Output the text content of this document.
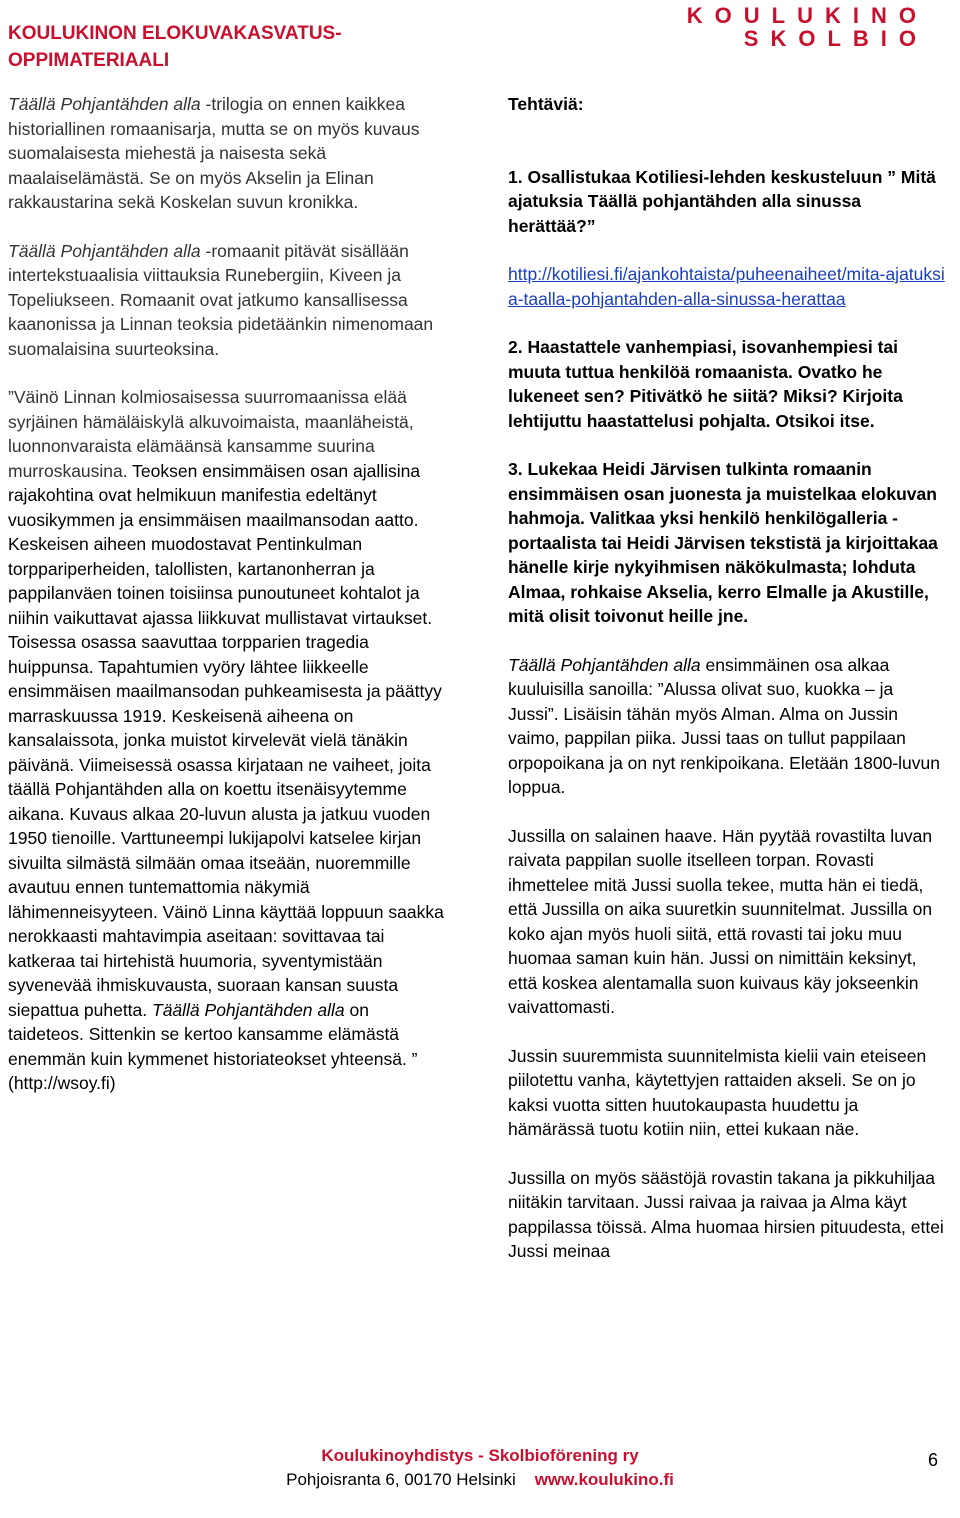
KOULUKINON ELOKUVAKASVATUS-OPPIMATERIAALI
KOULUKINO
SKOLBIO

Täällä Pohjantähden alla -trilogia on ennen kaikkea historiallinen romaanisarja, mutta se on myös kuvaus suomalaisesta miehestä ja naisesta sekä maalaiselämästä. Se on myös Akselin ja Elinan rakkaustarina sekä Koskelan suvun kronikka.

Täällä Pohjantähden alla -romaanit pitävät sisällään intertekstuaalisia viittauksia Runebergiin, Kiveen ja Topeliukseen. Romaanit ovat jatkumo kansallisessa kaanonissa ja Linnan teoksia pidetäänkin nimenomaan suomalaisina suurteoksina.

”Väinö Linnan kolmiosaisessa suurromaanissa elää syrjäinen hämäläiskylä alkuvoimaista, maanläheistä, luonnonvaraista elämäänsä kansamme suurina murroskausina. Teoksen ensimmäisen osan ajallisina rajakohtina ovat helmikuun manifestia edeltänyt vuosikymmen ja ensimmäisen maailmansodan aatto. Keskeisen aiheen muodostavat Pentinkulman torppariperheiden, talollisten, kartanonherran ja pappilanväen toinen toisiinsa punoutuneet kohtalot ja niihin vaikuttavat ajassa liikkuvat mullistavat virtaukset. Toisessa osassa saavuttaa torpparien tragedia huippunsa. Tapahtumien vyöry lähtee liikkeelle ensimmäisen maailmansodan puhkeamisesta ja päättyy marraskuussa 1919. Keskeisenä aiheena on kansalaissota, jonka muistot kirvelevät vielä tänäkin päivänä. Viimeisessä osassa kirjataan ne vaiheet, joita täällä Pohjantähden alla on koettu itsenäisyytemme aikana. Kuvaus alkaa 20-luvun alusta ja jatkuu vuoden 1950 tienoille. Varttuneempi lukijapolvi katselee kirjan sivuilta silmästä silmään omaa itseään, nuoremmille avautuu ennen tuntemattomia näkymiä lähimenneisyyteen. Väinö Linna käyttää loppuun saakka nerokkaasti mahtavimpia aseitaan: sovittavaa tai katkeraa tai hirtehistä huumoria, syventymistään syvenevää ihmiskuvausta, suoraan kansan suusta siepattua puhetta. Täällä Pohjantähden alla on taideteos. Sittenkin se kertoo kansamme elämästä enemmän kuin kymmenet historiateokset yhteensä. ”

(http://wsoy.fi)

Tehtäviä:

1. Osallistukaa Kotiliesi-lehden keskusteluun ” Mitä ajatuksia Täällä pohjantähden alla sinussa herättää?”

http://kotiliesi.fi/ajankohtaista/puheenaiheet/mita-ajatuksia-taalla-pohjantahden-alla-sinussa-herattaa

2. Haastattele vanhempiasi, isovanhempiesi tai muuta tuttua henkilöä romaanista. Ovatko he lukeneet sen? Pitivätkö he siitä? Miksi? Kirjoita lehtijuttu haastattelusi pohjalta. Otsikoi itse.

3. Lukekaa Heidi Järvisen tulkinta romaanin ensimmäisen osan juonesta ja muistelkaa elokuvan hahmoja. Valitkaa yksi henkilö henkilögalleria -portaalista tai Heidi Järvisen tekstistä ja kirjoittakaa hänelle kirje nykyihmisen näkökulmasta; lohduta Almaa, rohkaise Akselia, kerro Elmalle ja Akustille, mitä olisit toivonut heille jne.

Täällä Pohjantähden alla ensimmäinen osa alkaa kuuluisilla sanoilla: ”Alussa olivat suo, kuokka – ja Jussi”. Lisäisin tähän myös Alman. Alma on Jussin vaimo, pappilan piika. Jussi taas on tullut pappilaan orpopoikana ja on nyt renkipoikana. Eletään 1800-luvun loppua.

Jussilla on salainen haave. Hän pyytää rovastilta luvan raivata pappilan suolle itselleen torpan. Rovasti ihmettelee mitä Jussi suolla tekee, mutta hän ei tiedä, että Jussilla on aika suuretkin suunnitelmat. Jussilla on koko ajan myös huoli siitä, että rovasti tai joku muu huomaa saman kuin hän. Jussi on nimittäin keksinyt, että koskea alentamalla suon kuivaus käy jokseenkin vaivattomasti.

Jussin suuremmista suunnitelmista kielii vain eteiseen piilotettu vanha, käytettyjen rattaiden akseli. Se on jo kaksi vuotta sitten huutokaupasta huudettu ja hämärässä tuotu kotiin niin, ettei kukaan näe.

Jussilla on myös säästöjä rovastin takana ja pikkuhiljaa niitäkin tarvitaan. Jussi raivaa ja raivaa ja Alma käyt pappilassa töissä. Alma huomaa hirsien pituudesta, ettei Jussi meinaa

Koulukinoyhdistys - Skolbioförening ry
Pohjoisranta 6, 00170 Helsinki www.koulukino.fi
6
